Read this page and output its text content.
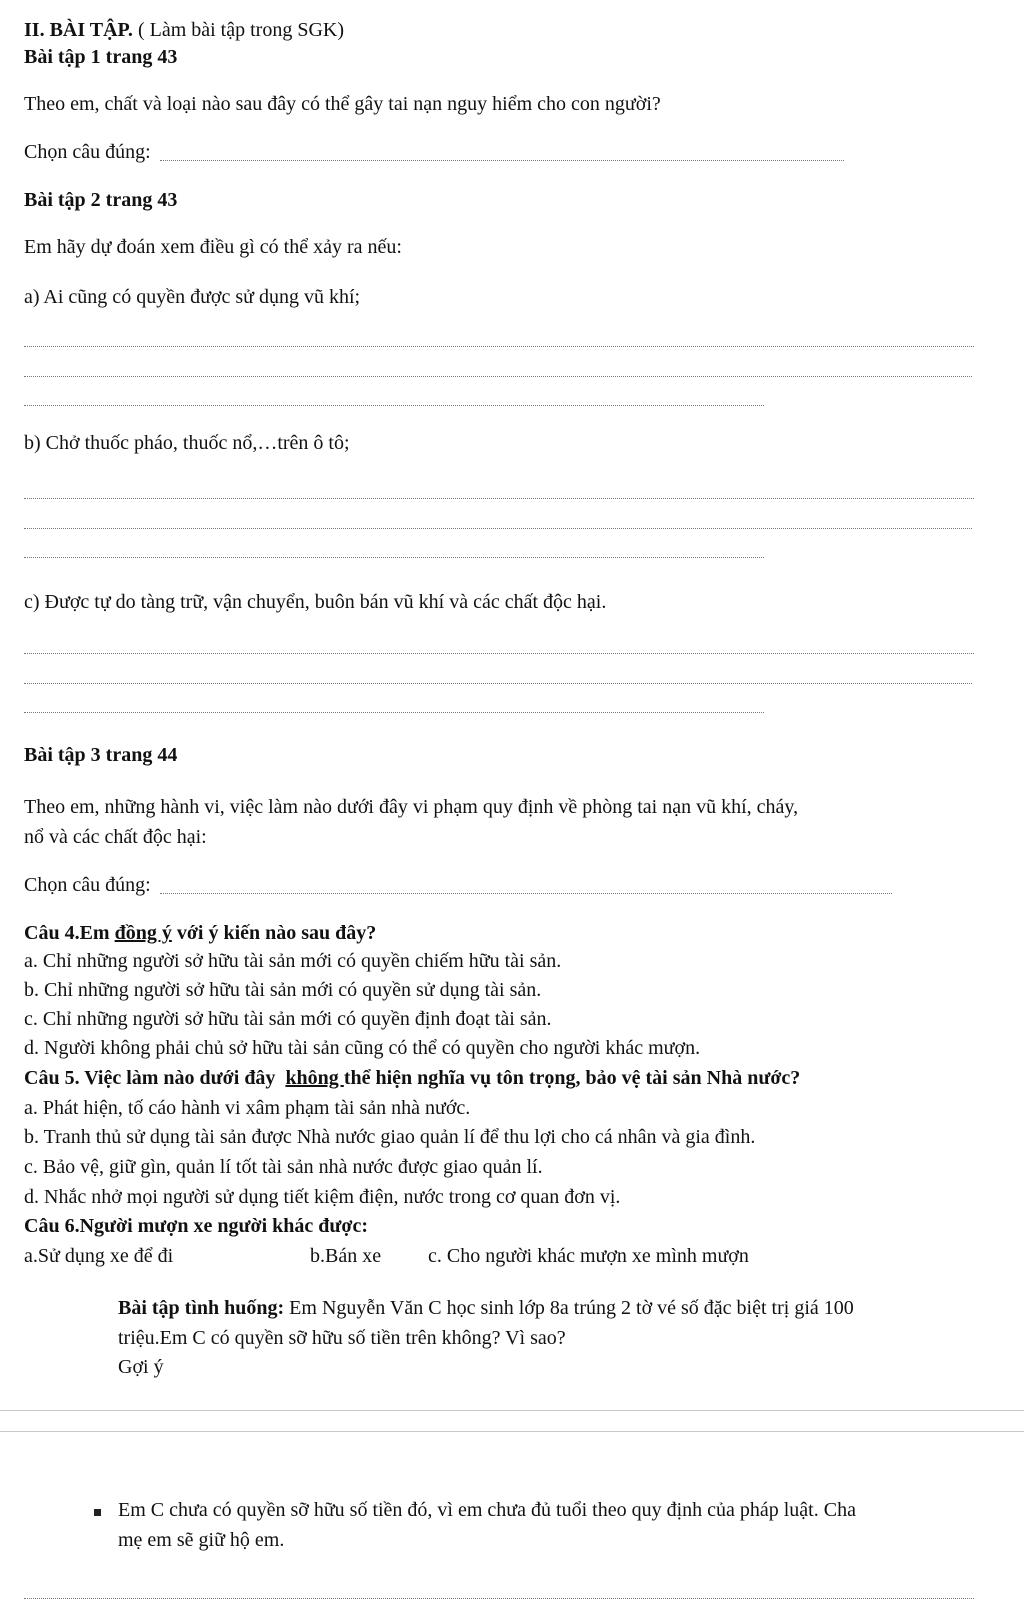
II. BÀI TẬP. ( Làm bài tập trong SGK)
Bài tập 1 trang 43
Theo em, chất và loại nào sau đây có thể gây tai nạn nguy hiểm cho con người?
Chọn câu đúng:
Bài tập 2 trang 43
Em hãy dự đoán xem điều gì có thể xảy ra nếu:
a) Ai cũng có quyền được sử dụng vũ khí;
b) Chở thuốc pháo, thuốc nổ,…trên ô tô;
c) Được tự do tàng trữ, vận chuyển, buôn bán vũ khí và các chất độc hại.
Bài tập 3 trang 44
Theo em, những hành vi, việc làm nào dưới đây vi phạm quy định về phòng tai nạn vũ khí, cháy,
nổ và các chất độc hại:
Chọn câu đúng:
Câu 4.Em đồng ý với ý kiến nào sau đây?
a. Chỉ những người sở hữu tài sản mới có quyền chiếm hữu tài sản.
b. Chỉ những người sở hữu tài sản mới có quyền sử dụng tài sản.
c. Chỉ những người sở hữu tài sản mới có quyền định đoạt tài sản.
d. Người không phải chủ sở hữu tài sản cũng có thể có quyền cho người khác mượn.
Câu 5. Việc làm nào dưới đây  không thể hiện nghĩa vụ tôn trọng, bảo vệ tài sản Nhà nước?
a. Phát hiện, tố cáo hành vi xâm phạm tài sản nhà nước.
b. Tranh thủ sử dụng tài sản được Nhà nước giao quản lí để thu lợi cho cá nhân và gia đình.
c. Bảo vệ, giữ gìn, quản lí tốt tài sản nhà nước được giao quản lí.
d. Nhắc nhở mọi người sử dụng tiết kiệm điện, nước trong cơ quan đơn vị.
Câu 6.Người mượn xe người khác được:
a.Sử dụng xe để đi	b.Bán xe c. Cho người khác mượn xe mình mượn
Bài tập tình huống: Em Nguyễn Văn C học sinh lớp 8a trúng 2 tờ vé số đặc biệt trị giá 100
triệu.Em C có quyền sỡ hữu số tiền trên không? Vì sao?
Gợi ý
Em C chưa có quyền sỡ hữu số tiền đó, vì em chưa đủ tuổi theo quy định của pháp luật. Cha
mẹ em sẽ giữ hộ em.
